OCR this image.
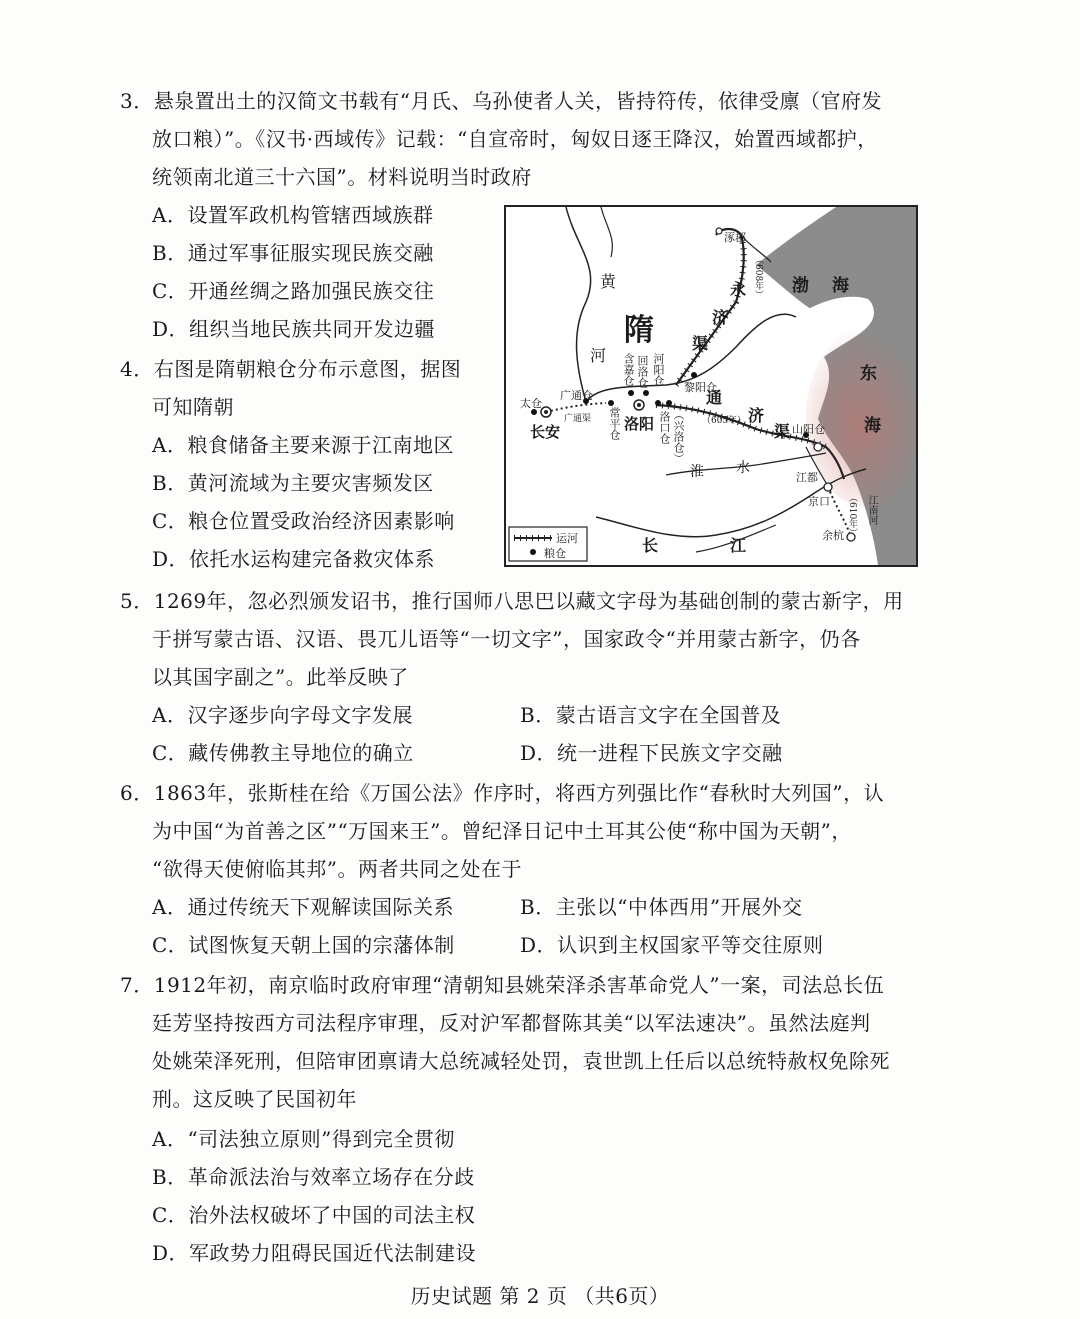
3．悬泉置出土的汉简文书载有“月氏、乌孙使者人关，皆持符传，依律受廪（官府发
放口粮）”。《汉书·西域传》记载：“自宣帝时，匈奴日逐王降汉，始置西域都护，
统领南北道三十六国”。材料说明当时政府
A．设置军政机构管辖西域族群
B．通过军事征服实现民族交融
C．开通丝绸之路加强民族交往
D．组织当地民族共同开发边疆
4．右图是隋朝粮仓分布示意图，据图
可知隋朝
A．粮食储备主要来源于江南地区
B．黄河流域为主要灾害频发区
C．粮仓位置受政治经济因素影响
D．依托水运构建完备救灾体系
隋
黄
河
渤 海
东
海
涿郡
永
济
渠
通
济
渠
淮 水
长	江
长安	洛阳
京口
江都
余杭
太仓
广通仓
广通渠 常平仓
含嘉仓 回洛仓 河阳仓
洛口仓 （兴洛仓）
黎阳仓
山阳仓
（608年）
（605年）
（610年） 江南河
运河
粮仓
5．1269年，忽必烈颁发诏书，推行国师八思巴以藏文字母为基础创制的蒙古新字，用
于拼写蒙古语、汉语、畏兀儿语等“一切文字”，国家政令“并用蒙古新字，仍各
以其国字副之”。此举反映了
A．汉字逐步向字母文字发展	B．蒙古语言文字在全国普及
C．藏传佛教主导地位的确立	D．统一进程下民族文字交融
6．1863年，张斯桂在给《万国公法》作序时，将西方列强比作“春秋时大列国”，认
为中国“为首善之区”“万国来王”。曾纪泽日记中土耳其公使“称中国为天朝”，
“欲得天使俯临其邦”。两者共同之处在于
A．通过传统天下观解读国际关系	B．主张以“中体西用”开展外交
C．试图恢复天朝上国的宗藩体制	D．认识到主权国家平等交往原则
7．1912年初，南京临时政府审理“清朝知县姚荣泽杀害革命党人”一案，司法总长伍
廷芳坚持按西方司法程序审理，反对沪军都督陈其美“以军法速决”。虽然法庭判
处姚荣泽死刑，但陪审团禀请大总统减轻处罚，袁世凯上任后以总统特赦权免除死
刑。这反映了民国初年
A．“司法独立原则”得到完全贯彻
B．革命派法治与效率立场存在分歧
C．治外法权破坏了中国的司法主权
D．军政势力阻碍民国近代法制建设
历史试题 第 2 页 （共6页）
